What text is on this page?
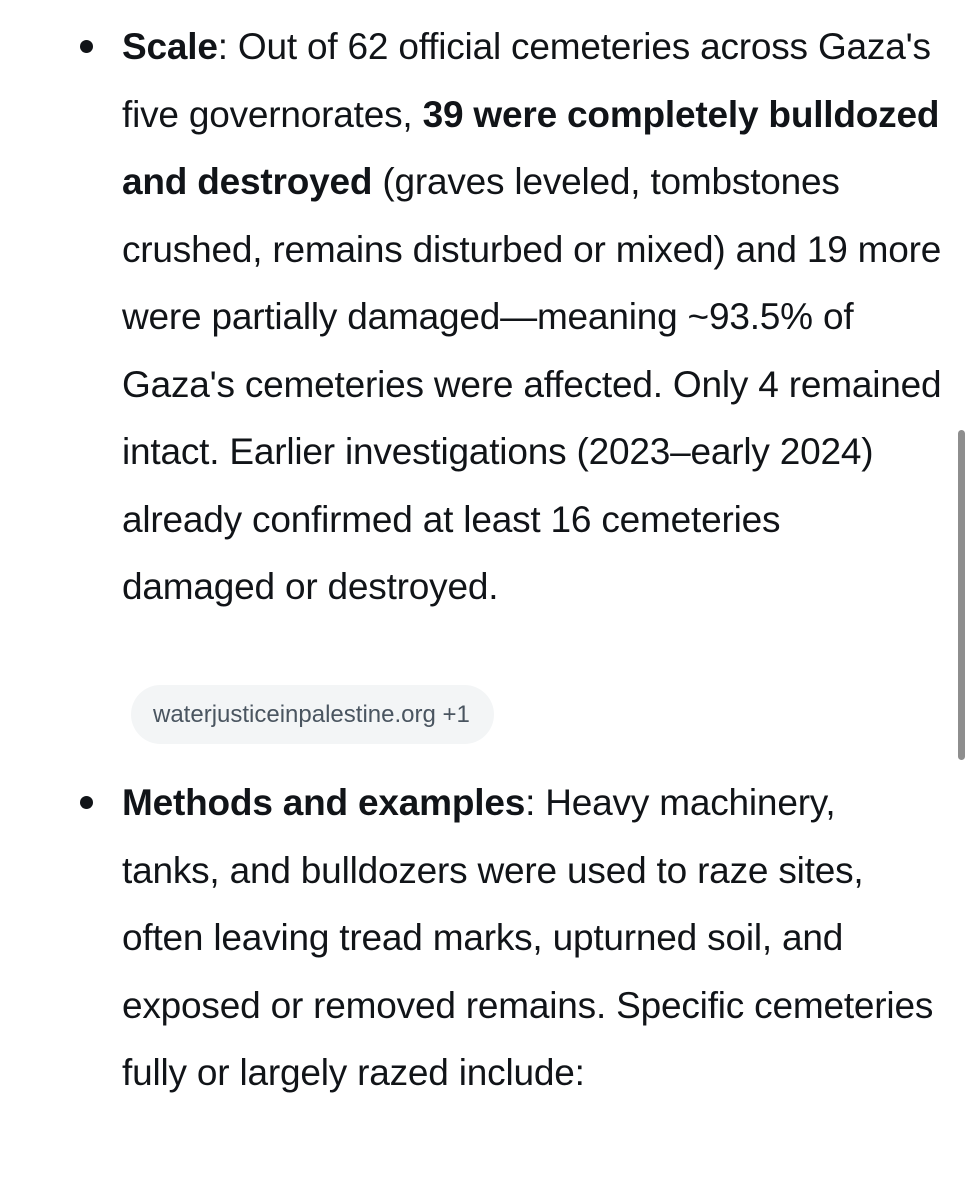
Scale: Out of 62 official cemeteries across Gaza's five governorates, 39 were completely bulldozed and destroyed (graves leveled, tombstones crushed, remains disturbed or mixed) and 19 more were partially damaged—meaning ~93.5% of Gaza's cemeteries were affected. Only 4 remained intact. Earlier investigations (2023–early 2024) already confirmed at least 16 cemeteries damaged or destroyed.

waterjusticeinpalestine.org +1

Methods and examples: Heavy machinery, tanks, and bulldozers were used to raze sites, often leaving tread marks, upturned soil, and exposed or removed remains. Specific cemeteries fully or largely razed include:
